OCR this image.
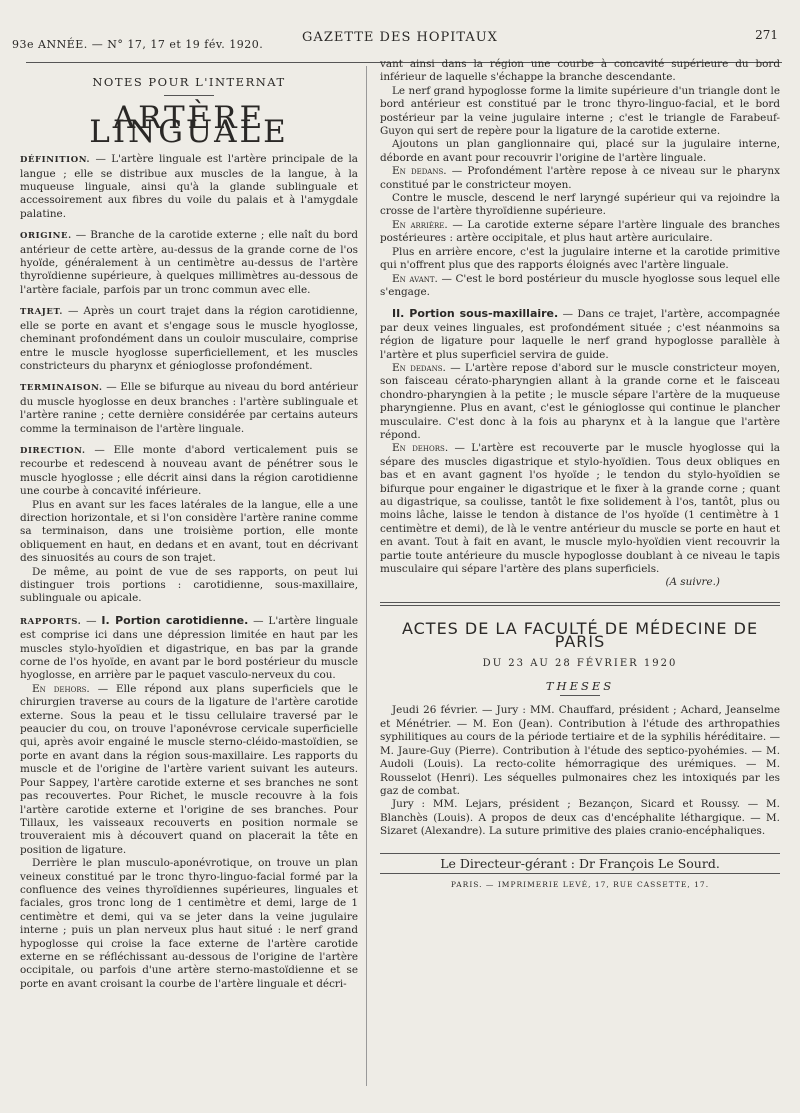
93e ANNÉE. — N° 17, 17 et 19 fév. 1920.	GAZETTE DES HOPITAUX	271
NOTES POUR L'INTERNAT
ARTÈRE LINGUALE

DÉFINITION. — L'artère linguale est l'artère principale de la langue ; elle se distribue aux muscles de la langue, à la muqueuse linguale, ainsi qu'à la glande sublinguale et accessoirement aux fibres du voile du palais et à l'amygdale palatine.

ORIGINE. — Branche de la carotide externe ; elle naît du bord antérieur de cette artère, au-dessus de la grande corne de l'os hyoïde, généralement à un centimètre au-dessus de l'artère thyroïdienne supérieure, à quelques millimètres au-dessous de l'artère faciale, parfois par un tronc commun avec elle.

TRAJET. — Après un court trajet dans la région carotidienne, elle se porte en avant et s'engage sous le muscle hyoglosse, cheminant profondément dans un couloir musculaire, comprise entre le muscle hyoglosse superficiellement, et les muscles constricteurs du pharynx et génioglosse profondément.

TERMINAISON. — Elle se bifurque au niveau du bord antérieur du muscle hyoglosse en deux branches : l'artère sublinguale et l'artère ranine ; cette dernière considérée par certains auteurs comme la terminaison de l'artère linguale.

DIRECTION. — Elle monte d'abord verticalement puis se recourbe et redescend à nouveau avant de pénétrer sous le muscle hyoglosse ; elle décrit ainsi dans la région carotidienne une courbe à concavité inférieure.

Plus en avant sur les faces latérales de la langue, elle a une direction horizontale, et si l'on considère l'artère ranine comme sa terminaison, dans une troisième portion, elle monte obliquement en haut, en dedans et en avant, tout en décrivant des sinuosités au cours de son trajet.

De même, au point de vue de ses rapports, on peut lui distinguer trois portions : carotidienne, sous-maxillaire, sublinguale ou apicale.

RAPPORTS. — I. Portion carotidienne. — L'artère linguale est comprise ici dans une dépression limitée en haut par les muscles stylo-hyoïdien et digastrique, en bas par la grande corne de l'os hyoïde, en avant par le bord postérieur du muscle hyoglosse, en arrière par le paquet vasculo-nerveux du cou.

En dehors. — Elle répond aux plans superficiels que le chirurgien traverse au cours de la ligature de l'artère carotide externe. Sous la peau et le tissu cellulaire traversé par le peaucier du cou, on trouve l'aponévrose cervicale superficielle qui, après avoir engainé le muscle sterno-cléido-mastoïdien, se porte en avant dans la région sous-maxillaire. Les rapports du muscle et de l'origine de l'artère varient suivant les auteurs. Pour Sappey, l'artère carotide externe et ses branches ne sont pas recouvertes. Pour Richet, le muscle recouvre à la fois l'artère carotide externe et l'origine de ses branches. Pour Tillaux, les vaisseaux recouverts en position normale se trouveraient mis à découvert quand on placerait la tête en position de ligature.

Derrière le plan musculo-aponévrotique, on trouve un plan veineux constitué par le tronc thyro-linguo-facial formé par la confluence des veines thyroïdiennes supérieures, linguales et faciales, gros tronc long de 1 centimètre et demi, large de 1 centimètre et demi, qui va se jeter dans la veine jugulaire interne ; puis un plan nerveux plus haut situé : le nerf grand hypoglosse qui croise la face externe de l'artère carotide externe en se réfléchissant au-dessous de l'origine de l'artère occipitale, ou parfois d'une artère sterno-mastoïdienne et se porte en avant croisant la courbe de l'artère linguale et décri-

vant ainsi dans la région une courbe à concavité supérieure du bord inférieur de laquelle s'échappe la branche descendante.

Le nerf grand hypoglosse forme la limite supérieure d'un triangle dont le bord antérieur est constitué par le tronc thyro-linguo-facial, et le bord postérieur par la veine jugulaire interne ; c'est le triangle de Farabeuf-Guyon qui sert de repère pour la ligature de la carotide externe.

Ajoutons un plan ganglionnaire qui, placé sur la jugulaire interne, déborde en avant pour recouvrir l'origine de l'artère linguale.

En dedans. — Profondément l'artère repose à ce niveau sur le pharynx constitué par le constricteur moyen.

Contre le muscle, descend le nerf laryngé supérieur qui va rejoindre la crosse de l'artère thyroïdienne supérieure.

En arrière. — La carotide externe sépare l'artère linguale des branches postérieures : artère occipitale, et plus haut artère auriculaire.

Plus en arrière encore, c'est la jugulaire interne et la carotide primitive qui n'offrent plus que des rapports éloignés avec l'artère linguale.

En avant. — C'est le bord postérieur du muscle hyoglosse sous lequel elle s'engage.

II. Portion sous-maxillaire. — Dans ce trajet, l'artère, accompagnée par deux veines linguales, est profondément située ; c'est néanmoins sa région de ligature pour laquelle le nerf grand hypoglosse parallèle à l'artère et plus superficiel servira de guide.

En dedans. — L'artère repose d'abord sur le muscle constricteur moyen, son faisceau cérato-pharyngien allant à la grande corne et le faisceau chondro-pharyngien à la petite ; le muscle sépare l'artère de la muqueuse pharyngienne. Plus en avant, c'est le génioglosse qui continue le plancher musculaire. C'est donc à la fois au pharynx et à la langue que l'artère répond.

En dehors. — L'artère est recouverte par le muscle hyoglosse qui la sépare des muscles digastrique et stylo-hyoïdien. Tous deux obliques en bas et en avant gagnent l'os hyoïde ; le tendon du stylo-hyoïdien se bifurque pour engainer le digastrique et le fixer à la grande corne ; quant au digastrique, sa coulisse, tantôt le fixe solidement à l'os, tantôt, plus ou moins lâche, laisse le tendon à distance de l'os hyoïde (1 centimètre à 1 centimètre et demi), de là le ventre antérieur du muscle se porte en haut et en avant. Tout à fait en avant, le muscle mylo-hyoïdien vient recouvrir la partie toute antérieure du muscle hypoglosse doublant à ce niveau le tapis musculaire qui sépare l'artère des plans superficiels.

(A suivre.)

ACTES DE LA FACULTÉ DE MÉDECINE DE PARIS
DU 23 AU 28 FÉVRIER 1920
THESES

Jeudi 26 février. — Jury : MM. Chauffard, président ; Achard, Jeanselme et Ménétrier. — M. Eon (Jean). Contribution à l'étude des arthropathies syphilitiques au cours de la période tertiaire et de la syphilis héréditaire. — M. Jaure-Guy (Pierre). Contribution à l'étude des septico-pyohémies. — M. Audoli (Louis). La recto-colite hémorragique des urémiques. — M. Rousselot (Henri). Les séquelles pulmonaires chez les intoxiqués par les gaz de combat.

Jury : MM. Lejars, président ; Bezançon, Sicard et Roussy. — M. Blanchès (Louis). A propos de deux cas d'encéphalite léthargique. — M. Sizaret (Alexandre). La suture primitive des plaies cranio-encéphaliques.

Le Directeur-gérant : Dr François Le Sourd.
PARIS. — IMPRIMERIE LEVÉ, 17, RUE CASSETTE, 17.
